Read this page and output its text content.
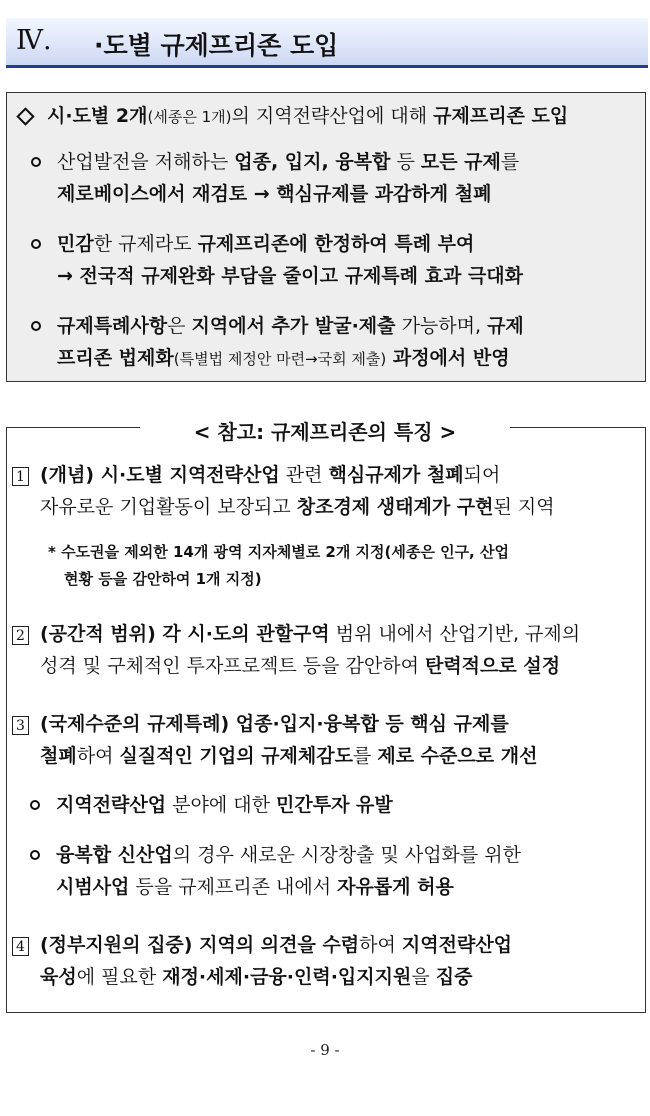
Ⅳ. ·도별 규제프리존 도입
시·도별 2개(세종은 1개)의 지역전략산업에 대해 규제프리존 도입
산업발전을 저해하는 업종, 입지, 융복합 등 모든 규제를
제로베이스에서 재검토 → 핵심규제를 과감하게 철폐
민감한 규제라도 규제프리존에 한정하여 특례 부여
→ 전국적 규제완화 부담을 줄이고 규제특례 효과 극대화
규제특례사항은 지역에서 추가 발굴·제출 가능하며, 규제
프리존 법제화(특별법 제정안 마련→국회 제출) 과정에서 반영
< 참고: 규제프리존의 특징 >
1 (개념) 시·도별 지역전략산업 관련 핵심규제가 철폐되어
자유로운 기업활동이 보장되고 창조경제 생태계가 구현된 지역
* 수도권을 제외한 14개 광역 지자체별로 2개 지정(세종은 인구, 산업
현황 등을 감안하여 1개 지정)
2 (공간적 범위) 각 시·도의 관할구역 범위 내에서 산업기반, 규제의
성격 및 구체적인 투자프로젝트 등을 감안하여 탄력적으로 설정
3 (국제수준의 규제특례) 업종·입지·융복합 등 핵심 규제를
철폐하여 실질적인 기업의 규제체감도를 제로 수준으로 개선
지역전략산업 분야에 대한 민간투자 유발
융복합 신산업의 경우 새로운 시장창출 및 사업화를 위한
시범사업 등을 규제프리존 내에서 자유롭게 허용
4 (정부지원의 집중) 지역의 의견을 수렴하여 지역전략산업
육성에 필요한 재정·세제·금융·인력·입지지원을 집중
- 9 -
